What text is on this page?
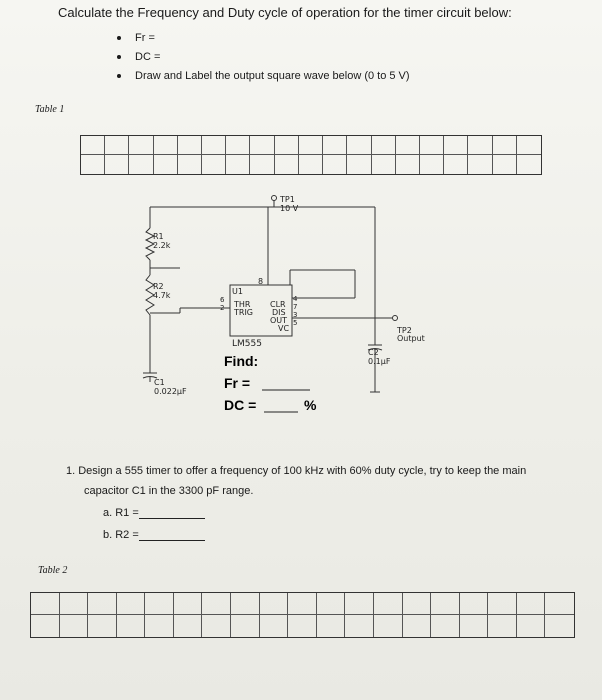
Calculate the Frequency and Duty cycle of operation for the timer circuit below:
Fr =
DC =
Draw and Label the output square wave below (0 to 5 V)
Table 1
TP1
10 V
R1
2.2k
R2
4.7k
C1
0.022µF
8
U1
THR
TRIG
6
2	CLR
DIS
OUT
VC
4
7
3
5
LM555
TP2
Output
C2
0.1µF
Find:
Fr =
DC =	%
1. Design a 555 timer to offer a frequency of 100 kHz with 60% duty cycle, try to keep the main
capacitor C1 in the 3300 pF range.
a. R1 =
b. R2 =
Table 2
